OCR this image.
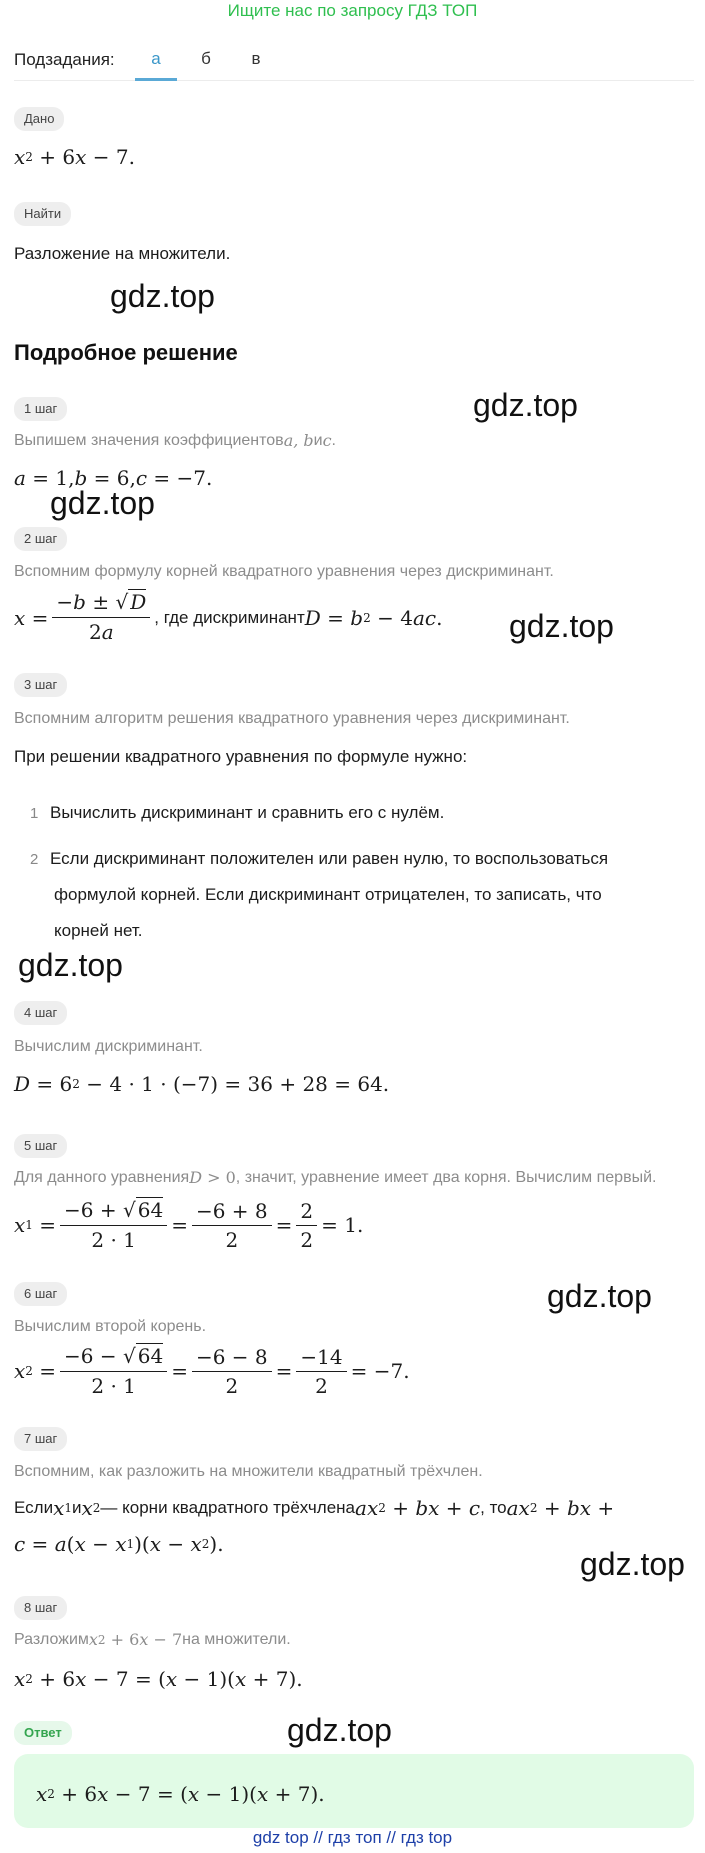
Ищите нас по запросу ГДЗ ТОП
Подзадания:	а	б	в
Дано
x 2 + 6 x − 7.
Найти
Разложение на множители.
gdz.top
Подробное решение
1 шаг	gdz.top
Выпишем значения коэффициентов a, b и c .
a = 1, b = 6, c = −7.
gdz.top
2 шаг
Вспомним формулу корней квадратного уравнения через дискриминант.
$x = \frac{-b \pm √ D}{2a}$ , где дискриминант D = b 2 − 4 ac . gdz.top
3 шаг
Вспомним алгоритм решения квадратного уравнения через дискриминант.
При решении квадратного уравнения по формуле нужно:
1 Вычислить дискриминант и сравнить его с нулём.
2 Если дискриминант положителен или равен нулю, то воспользоваться
формулой корней. Если дискриминант отрицателен, то записать, что
корней нет.
gdz.top
4 шаг
Вычислим дискриминант.
D = 6 2 − 4 · 1 · (−7) = 36 + 28 = 64.
5 шаг
Для данного уравнения D > 0 , значит, уравнение имеет два корня. Вычислим первый.
x $1 = \frac{-6 + √ 64}{2 \cdot 1} = \frac{-6 + 8}{2} = \frac{2}{2} = 1$.
6 шаг	gdz.top
Вычислим второй корень.
x $2 = \frac{-6 - √ 64}{2 \cdot 1} = \frac{-6 - 8}{2} = \frac{-14}{2} = -7$.
7 шаг
Вспомним, как разложить на множители квадратный трёхчлен.
Если x 1 и x 2 — корни квадратного трёхчлена ax 2 + bx + c , то ax 2 + bx +
c = a ( x − x 1 )( x − x 2 ).
gdz.top
8 шаг
Разложим x 2 + 6 x − 7 на множители.
x 2 + 6 x − 7 = ( x − 1)( x + 7).
Ответ	gdz.top
x 2 + 6 x − 7 = ( x − 1)( x + 7).
gdz top // гдз топ // гдз top
